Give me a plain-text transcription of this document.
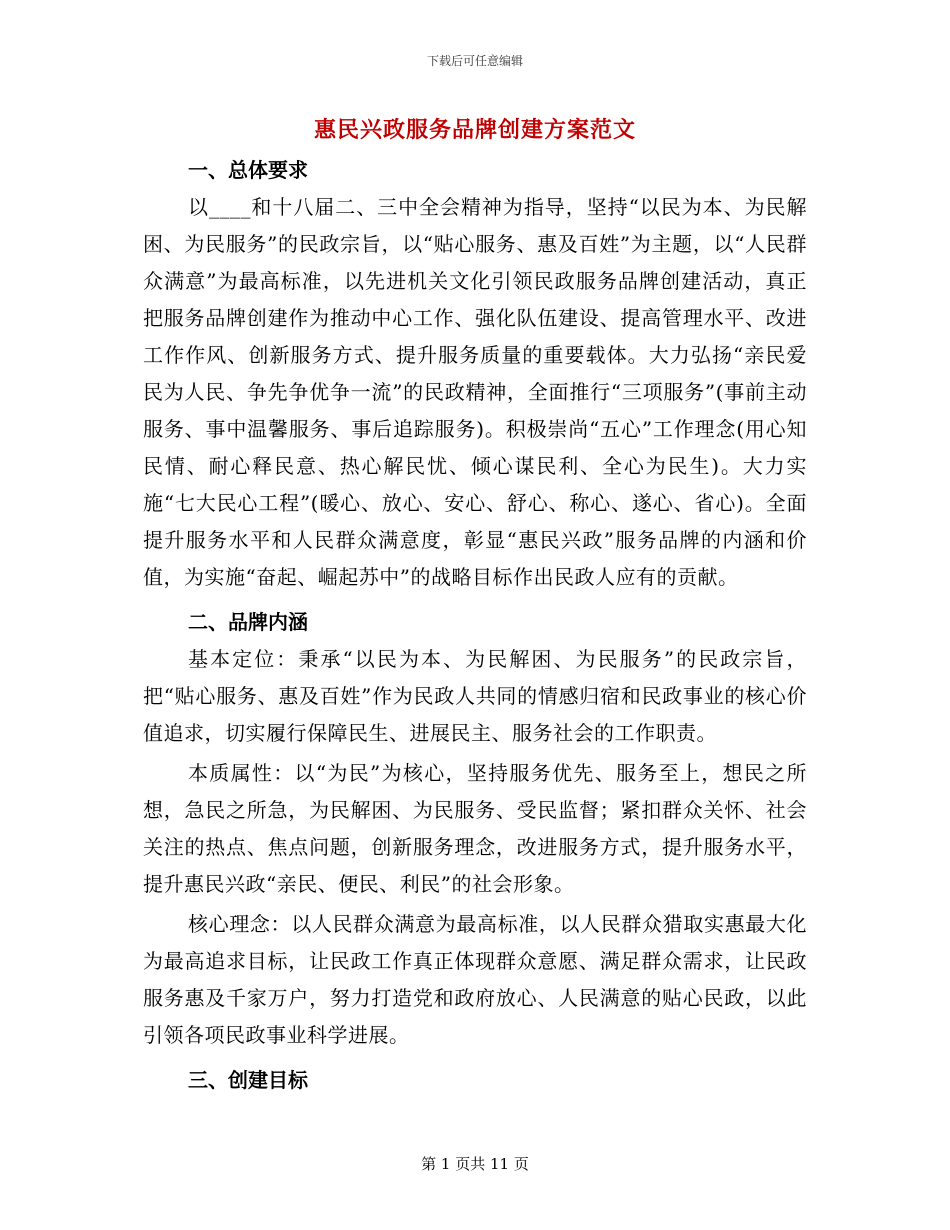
下载后可任意编辑
惠民兴政服务品牌创建方案范文
一、总体要求

以____和十八届二、三中全会精神为指导，坚持“以民为本、为民解困、为民服务”的民政宗旨，以“贴心服务、惠及百姓”为主题，以“人民群众满意”为最高标准，以先进机关文化引领民政服务品牌创建活动，真正把服务品牌创建作为推动中心工作、强化队伍建设、提高管理水平、改进工作作风、创新服务方式、提升服务质量的重要载体。大力弘扬“亲民爱民为人民、争先争优争一流”的民政精神，全面推行“三项服务”(事前主动服务、事中温馨服务、事后追踪服务)。积极崇尚“五心”工作理念(用心知民情、耐心释民意、热心解民忧、倾心谋民利、全心为民生)。大力实施“七大民心工程”(暖心、放心、安心、舒心、称心、遂心、省心)。全面提升服务水平和人民群众满意度，彰显“惠民兴政”服务品牌的内涵和价值，为实施“奋起、崛起苏中”的战略目标作出民政人应有的贡献。

二、品牌内涵

基本定位：秉承“以民为本、为民解困、为民服务”的民政宗旨，把“贴心服务、惠及百姓”作为民政人共同的情感归宿和民政事业的核心价值追求，切实履行保障民生、进展民主、服务社会的工作职责。

本质属性：以“为民”为核心，坚持服务优先、服务至上，想民之所想，急民之所急，为民解困、为民服务、受民监督；紧扣群众关怀、社会关注的热点、焦点问题，创新服务理念，改进服务方式，提升服务水平，提升惠民兴政“亲民、便民、利民”的社会形象。

核心理念：以人民群众满意为最高标准，以人民群众猎取实惠最大化为最高追求目标，让民政工作真正体现群众意愿、满足群众需求，让民政服务惠及千家万户，努力打造党和政府放心、人民满意的贴心民政，以此引领各项民政事业科学进展。

三、创建目标
第 1 页共 11 页
